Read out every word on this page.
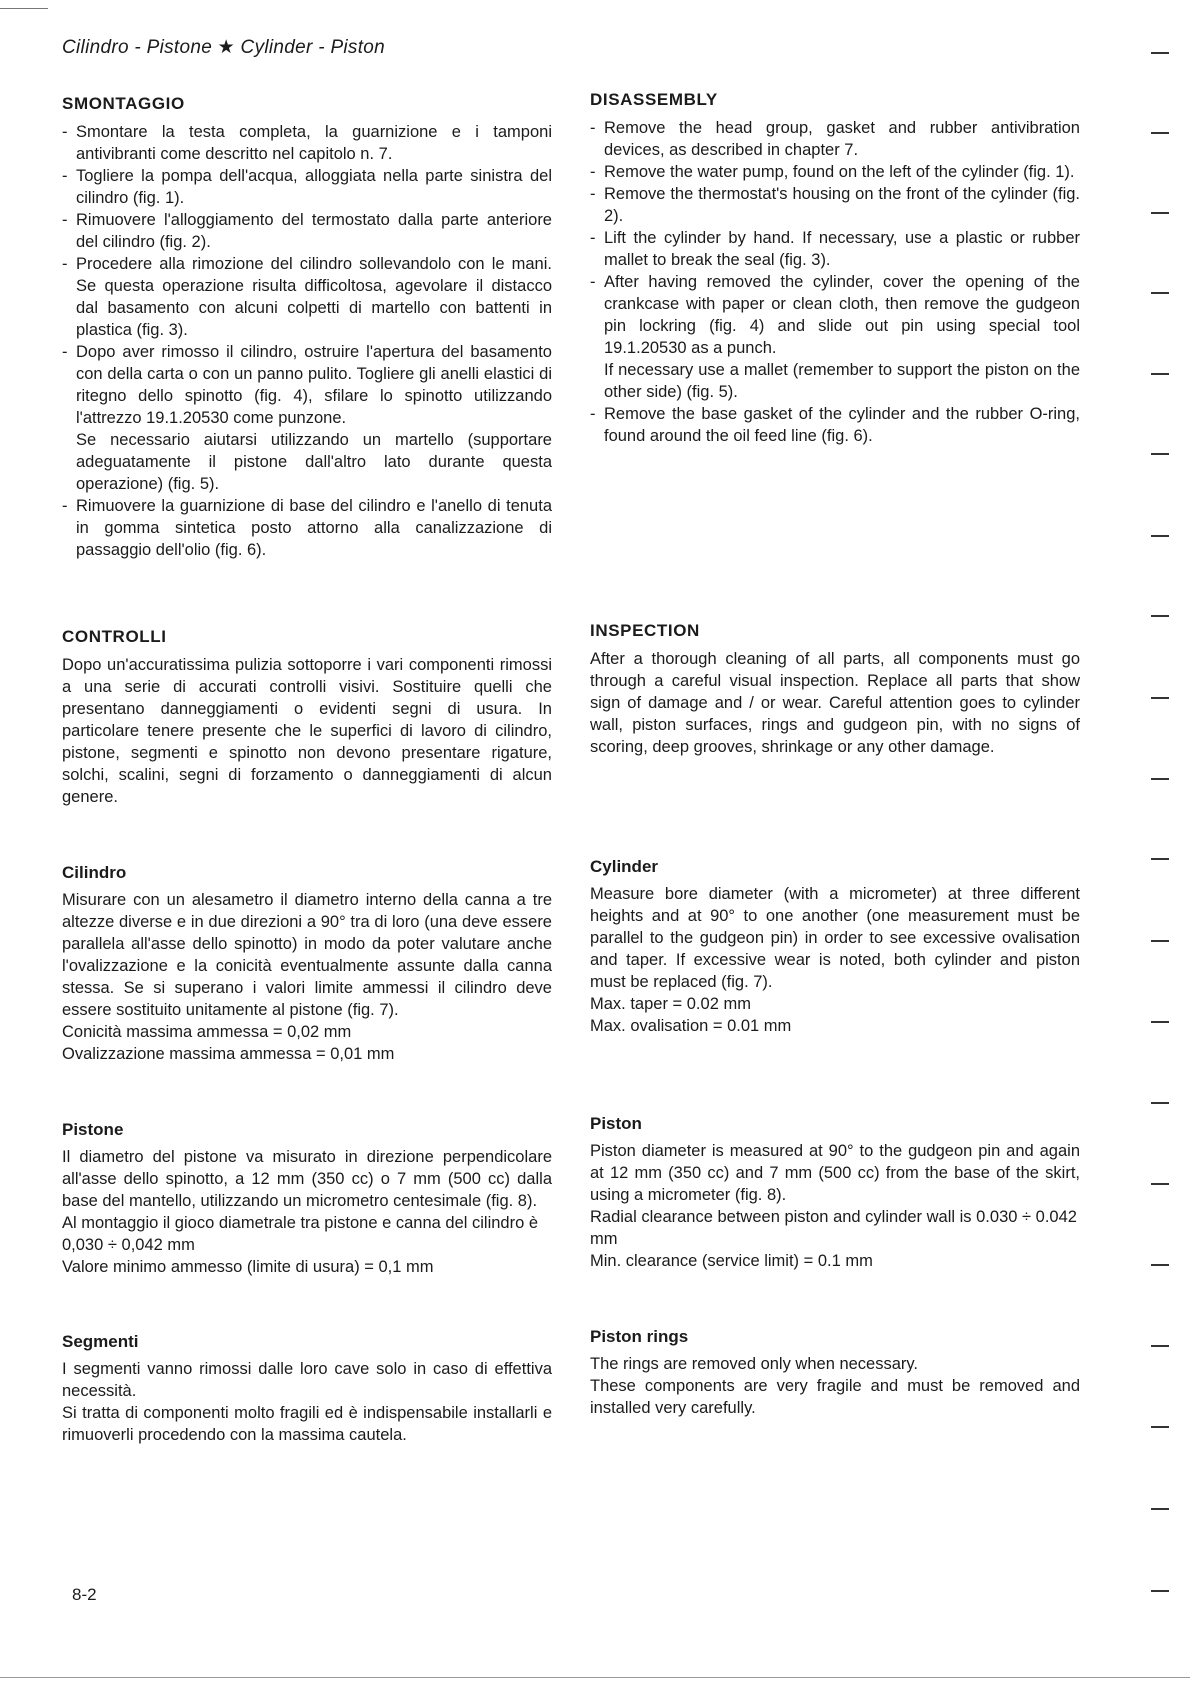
Cilindro - Pistone ★ Cylinder - Piston
SMONTAGGIO
- Smontare la testa completa, la guarnizione e i tamponi antivibranti come descritto nel capitolo n. 7.
- Togliere la pompa dell'acqua, alloggiata nella parte sinistra del cilindro (fig. 1).
- Rimuovere l'alloggiamento del termostato dalla parte anteriore del cilindro (fig. 2).
- Procedere alla rimozione del cilindro sollevandolo con le mani. Se questa operazione risulta difficoltosa, agevolare il distacco dal basamento con alcuni colpetti di martello con battenti in plastica (fig. 3).
- Dopo aver rimosso il cilindro, ostruire l'apertura del basamento con della carta o con un panno pulito. Togliere gli anelli elastici di ritegno dello spinotto (fig. 4), sfilare lo spinotto utilizzando l'attrezzo 19.1.20530 come punzone.
Se necessario aiutarsi utilizzando un martello (supportare adeguatamente il pistone dall'altro lato durante questa operazione) (fig. 5).
- Rimuovere la guarnizione di base del cilindro e l'anello di tenuta in gomma sintetica posto attorno alla canalizzazione di passaggio dell'olio (fig. 6).
CONTROLLI

Dopo un'accuratissima pulizia sottoporre i vari componenti rimossi a una serie di accurati controlli visivi. Sostituire quelli che presentano danneggiamenti o evidenti segni di usura. In particolare tenere presente che le superfici di lavoro di cilindro, pistone, segmenti e spinotto non devono presentare rigature, solchi, scalini, segni di forzamento o danneggiamenti di alcun genere.

Cilindro

Misurare con un alesametro il diametro interno della canna a tre altezze diverse e in due direzioni a 90° tra di loro (una deve essere parallela all'asse dello spinotto) in modo da poter valutare anche l'ovalizzazione e la conicità eventualmente assunte dalla canna stessa. Se si superano i valori limite ammessi il cilindro deve essere sostituito unitamente al pistone (fig. 7).

Conicità massima ammessa = 0,02 mm

Ovalizzazione massima ammessa = 0,01 mm

Pistone

Il diametro del pistone va misurato in direzione perpendicolare all'asse dello spinotto, a 12 mm (350 cc) o 7 mm (500 cc) dalla base del mantello, utilizzando un micrometro centesimale (fig. 8).

Al montaggio il gioco diametrale tra pistone e canna del cilindro è 0,030 ÷ 0,042 mm

Valore minimo ammesso (limite di usura) = 0,1 mm

Segmenti

I segmenti vanno rimossi dalle loro cave solo in caso di effettiva necessità.

Si tratta di componenti molto fragili ed è indispensabile installarli e rimuoverli procedendo con la massima cautela.

DISASSEMBLY
- Remove the head group, gasket and rubber antivibration devices, as described in chapter 7.
- Remove the water pump, found on the left of the cylinder (fig. 1).
- Remove the thermostat's housing on the front of the cylinder (fig. 2).
- Lift the cylinder by hand. If necessary, use a plastic or rubber mallet to break the seal (fig. 3).
- After having removed the cylinder, cover the opening of the crankcase with paper or clean cloth, then remove the gudgeon pin lockring (fig. 4) and slide out pin using special tool 19.1.20530 as a punch.
If necessary use a mallet (remember to support the piston on the other side) (fig. 5).
- Remove the base gasket of the cylinder and the rubber O-ring, found around the oil feed line (fig. 6).
INSPECTION

After a thorough cleaning of all parts, all components must go through a careful visual inspection. Replace all parts that show sign of damage and / or wear. Careful attention goes to cylinder wall, piston surfaces, rings and gudgeon pin, with no signs of scoring, deep grooves, shrinkage or any other damage.

Cylinder

Measure bore diameter (with a micrometer) at three different heights and at 90° to one another (one measurement must be parallel to the gudgeon pin) in order to see excessive ovalisation and taper. If excessive wear is noted, both cylinder and piston must be replaced (fig. 7).

Max. taper = 0.02 mm

Max. ovalisation = 0.01 mm

Piston

Piston diameter is measured at 90° to the gudgeon pin and again at 12 mm (350 cc) and 7 mm (500 cc) from the base of the skirt, using a micrometer (fig. 8).

Radial clearance between piston and cylinder wall is 0.030 ÷ 0.042 mm

Min. clearance (service limit) = 0.1 mm

Piston rings

The rings are removed only when necessary.

These components are very fragile and must be removed and installed very carefully.

8-2
